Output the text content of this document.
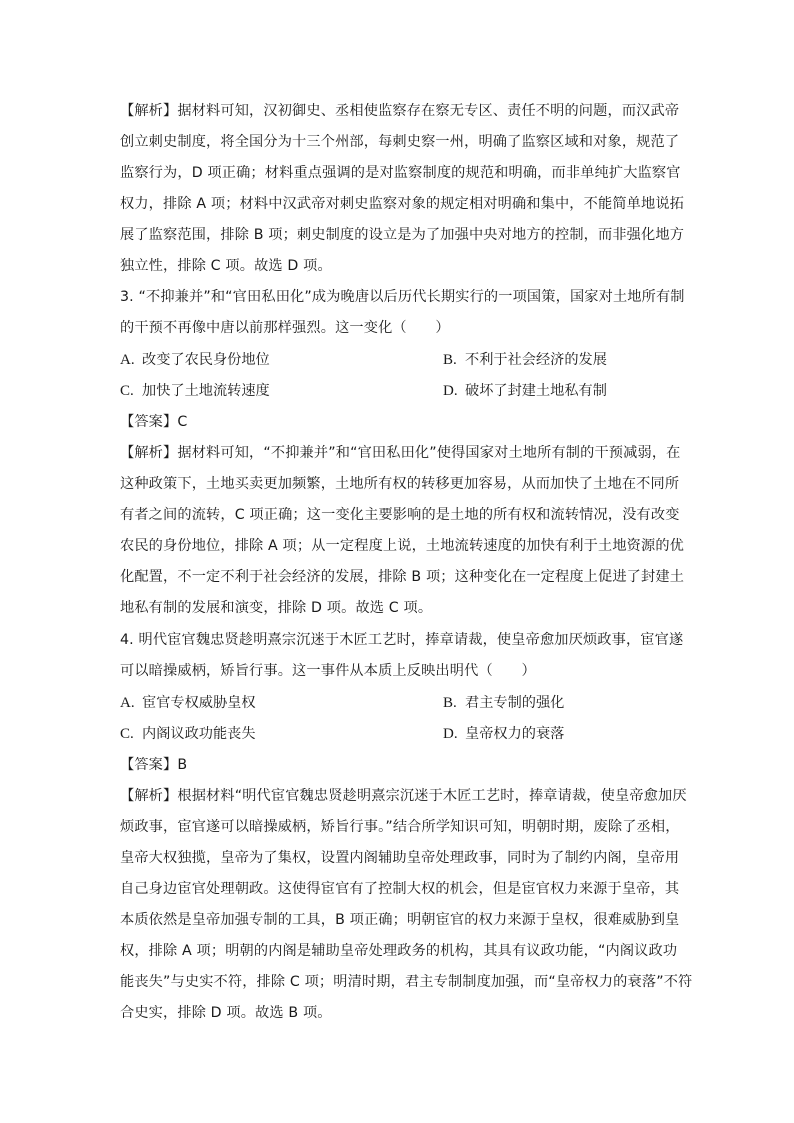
【解析】据材料可知，汉初御史、丞相使监察存在察无专区、责任不明的问题，而汉武帝
创立刺史制度，将全国分为十三个州部，每刺史察一州，明确了监察区域和对象，规范了
监察行为，D 项正确；材料重点强调的是对监察制度的规范和明确，而非单纯扩大监察官
权力，排除 A 项；材料中汉武帝对刺史监察对象的规定相对明确和集中，不能简单地说拓
展了监察范围，排除 B 项；刺史制度的设立是为了加强中央对地方的控制，而非强化地方
独立性，排除 C 项。故选 D 项。
3. “不抑兼并”和“官田私田化”成为晚唐以后历代长期实行的一项国策，国家对土地所有制
的干预不再像中唐以前那样强烈。这一变化（　　）
A. 改变了农民身份地位	B. 不利于社会经济的发展
C. 加快了土地流转速度	D. 破坏了封建土地私有制
【答案】C
【解析】据材料可知，“不抑兼并”和“官田私田化”使得国家对土地所有制的干预减弱，在
这种政策下，土地买卖更加频繁，土地所有权的转移更加容易，从而加快了土地在不同所
有者之间的流转，C 项正确；这一变化主要影响的是土地的所有权和流转情况，没有改变
农民的身份地位，排除 A 项；从一定程度上说，土地流转速度的加快有利于土地资源的优
化配置，不一定不利于社会经济的发展，排除 B 项；这种变化在一定程度上促进了封建土
地私有制的发展和演变，排除 D 项。故选 C 项。
4. 明代宦官魏忠贤趁明熹宗沉迷于木匠工艺时，捧章请裁，使皇帝愈加厌烦政事，宦官遂
可以暗操威柄，矫旨行事。这一事件从本质上反映出明代（　　）
A. 宦官专权威胁皇权	B. 君主专制的强化
C. 内阁议政功能丧失	D. 皇帝权力的衰落
【答案】B
【解析】根据材料“明代宦官魏忠贤趁明熹宗沉迷于木匠工艺时，捧章请裁，使皇帝愈加厌
烦政事，宦官遂可以暗操威柄，矫旨行事。”结合所学知识可知，明朝时期，废除了丞相，
皇帝大权独揽，皇帝为了集权，设置内阁辅助皇帝处理政事，同时为了制约内阁，皇帝用
自己身边宦官处理朝政。这使得宦官有了控制大权的机会，但是宦官权力来源于皇帝，其
本质依然是皇帝加强专制的工具，B 项正确；明朝宦官的权力来源于皇权，很难威胁到皇
权，排除 A 项；明朝的内阁是辅助皇帝处理政务的机构，其具有议政功能，“内阁议政功
能丧失”与史实不符，排除 C 项；明清时期，君主专制制度加强，而“皇帝权力的衰落”不符
合史实，排除 D 项。故选 B 项。
